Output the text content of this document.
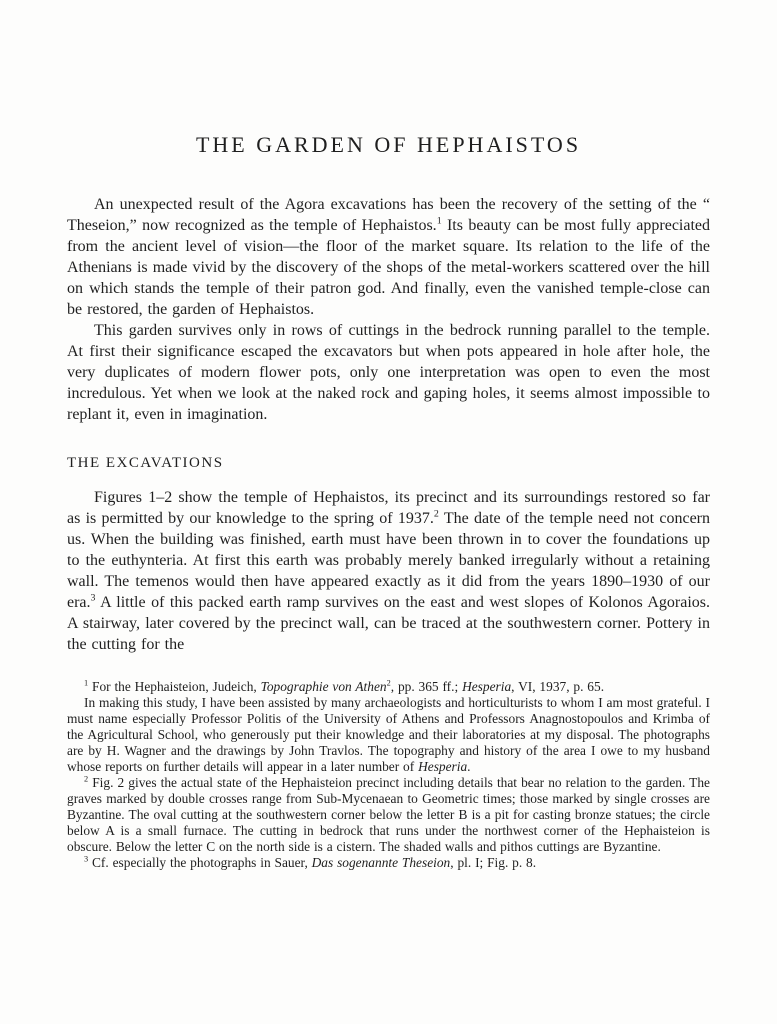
THE GARDEN OF HEPHAISTOS

An unexpected result of the Agora excavations has been the recovery of the setting of the “ Theseion,” now recognized as the temple of Hephaistos.$^1$ Its beauty can be most fully appreciated from the ancient level of vision—the floor of the market square. Its relation to the life of the Athenians is made vivid by the discovery of the shops of the metal-workers scattered over the hill on which stands the temple of their patron god. And finally, even the vanished temple-close can be restored, the garden of Hephaistos.

This garden survives only in rows of cuttings in the bedrock running parallel to the temple. At first their significance escaped the excavators but when pots appeared in hole after hole, the very duplicates of modern flower pots, only one interpretation was open to even the most incredulous. Yet when we look at the naked rock and gaping holes, it seems almost impossible to replant it, even in imagination.

THE EXCAVATIONS

Figures 1–2 show the temple of Hephaistos, its precinct and its surroundings restored so far as is permitted by our knowledge to the spring of 1937.$^2$ The date of the temple need not concern us. When the building was finished, earth must have been thrown in to cover the foundations up to the euthynteria. At first this earth was probably merely banked irregularly without a retaining wall. The temenos would then have appeared exactly as it did from the years 1890–1930 of our era.$^3$ A little of this packed earth ramp survives on the east and west slopes of Kolonos Agoraios. A stairway, later covered by the precinct wall, can be traced at the southwestern corner. Pottery in the cutting for the

$^1$ For the Hephaisteion, Judeich, Topographie von Athen$^2$, pp. 365 ff.; Hesperia, VI, 1937, p. 65.

In making this study, I have been assisted by many archaeologists and horticulturists to whom I am most grateful. I must name especially Professor Politis of the University of Athens and Professors Anagnostopoulos and Krimba of the Agricultural School, who generously put their knowledge and their laboratories at my disposal. The photographs are by H. Wagner and the drawings by John Travlos. The topography and history of the area I owe to my husband whose reports on further details will appear in a later number of Hesperia.

$^2$ Fig. 2 gives the actual state of the Hephaisteion precinct including details that bear no relation to the garden. The graves marked by double crosses range from Sub-Mycenaean to Geometric times; those marked by single crosses are Byzantine. The oval cutting at the southwestern corner below the letter B is a pit for casting bronze statues; the circle below A is a small furnace. The cutting in bedrock that runs under the northwest corner of the Hephaisteion is obscure. Below the letter C on the north side is a cistern. The shaded walls and pithos cuttings are Byzantine.

$^3$ Cf. especially the photographs in Sauer, Das sogenannte Theseion, pl. I; Fig. p. 8.
